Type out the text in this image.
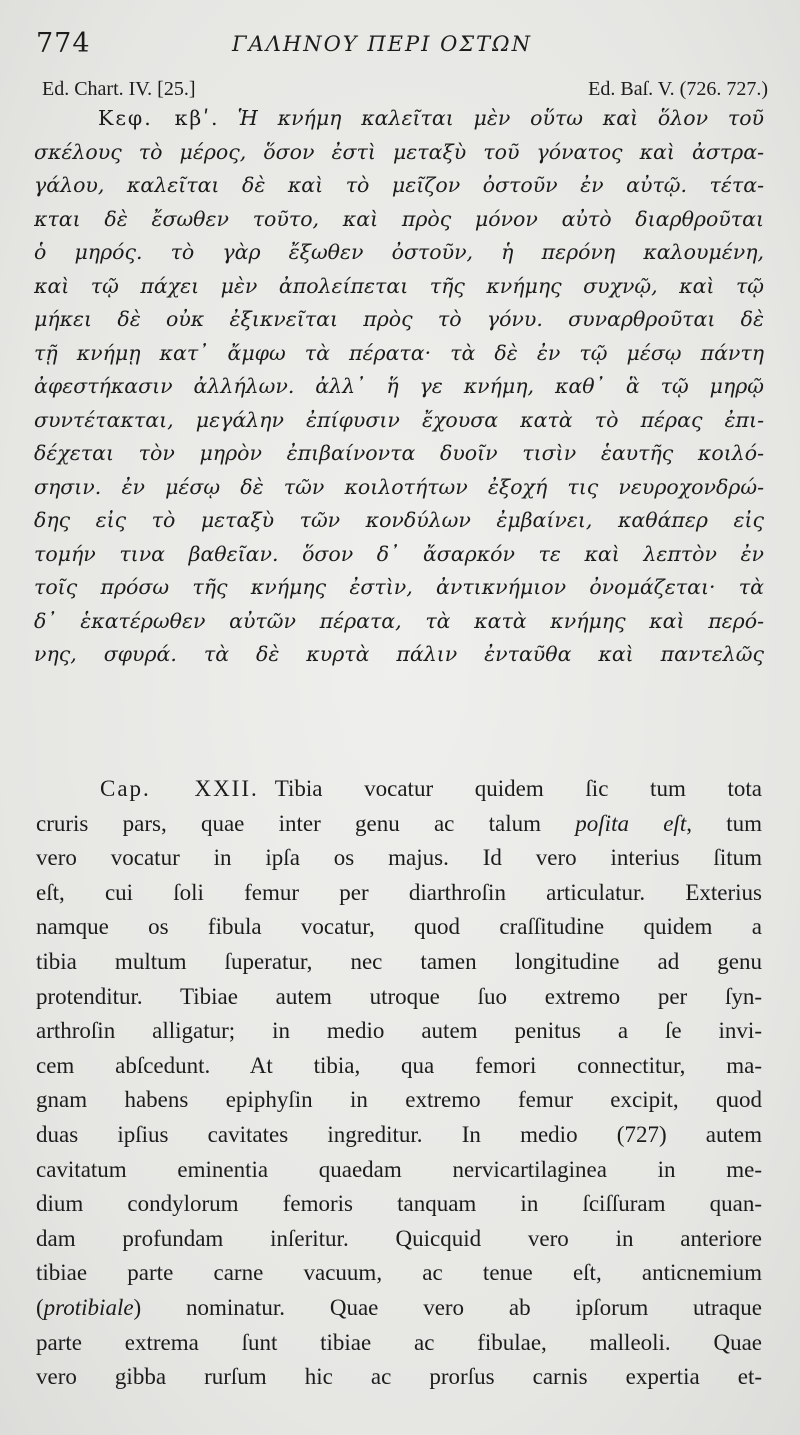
774	ΓΑΛΗΝΟΥ ΠΕΡΙ ΟΣΤΩΝ
Ed. Chart. IV. [25.]	Ed. Baſ. V. (726. 727.)
Κεφ. κβʹ. Ἡ κνήμη καλεῖται μὲν οὕτω καὶ ὅλον τοῦ
σκέλους τὸ μέρος, ὅσον ἐστὶ μεταξὺ τοῦ γόνατος καὶ ἀστρα-
γάλου, καλεῖται δὲ καὶ τὸ μεῖζον ὀστοῦν ἐν αὐτῷ. τέτα-
κται δὲ ἔσωθεν τοῦτο, καὶ πρὸς μόνον αὐτὸ διαρθροῦται
ὁ μηρός. τὸ γὰρ ἔξωθεν ὀστοῦν, ἡ περόνη καλουμένη,
καὶ τῷ πάχει μὲν ἀπολείπεται τῆς κνήμης συχνῷ, καὶ τῷ
μήκει δὲ οὐκ ἐξικνεῖται πρὸς τὸ γόνυ. συναρθροῦται δὲ
τῇ κνήμῃ κατ᾽ ἄμφω τὰ πέρατα· τὰ δὲ ἐν τῷ μέσῳ πάντη
ἀφεστήκασιν ἀλλήλων. ἀλλ᾽ ἥ γε κνήμη, καθ᾽ ἃ τῷ μηρῷ
συντέτακται, μεγάλην ἐπίφυσιν ἔχουσα κατὰ τὸ πέρας ἐπι-
δέχεται τὸν μηρὸν ἐπιβαίνοντα δυοῖν τισὶν ἑαυτῆς κοιλό-
σησιν. ἐν μέσῳ δὲ τῶν κοιλοτήτων ἐξοχή τις νευροχονδρώ-
δης εἰς τὸ μεταξὺ τῶν κονδύλων ἐμβαίνει, καθάπερ εἰς
τομήν τινα βαθεῖαν. ὅσον δ᾽ ἄσαρκόν τε καὶ λεπτὸν ἐν
τοῖς πρόσω τῆς κνήμης ἐστὶν, ἀντικνήμιον ὀνομάζεται· τὰ
δ᾽ ἑκατέρωθεν αὐτῶν πέρατα, τὰ κατὰ κνήμης καὶ περό-
νης, σφυρά. τὰ δὲ κυρτὰ πάλιν ἐνταῦθα καὶ παντελῶς
Cap. XXII. Tibia vocatur quidem ſic tum tota
cruris pars, quae inter genu ac talum poſita eſt, tum
vero vocatur in ipſa os majus. Id vero interius ſitum
eſt, cui ſoli femur per diarthroſin articulatur. Exterius
namque os fibula vocatur, quod craſſitudine quidem a
tibia multum ſuperatur, nec tamen longitudine ad genu
protenditur. Tibiae autem utroque ſuo extremo per ſyn-
arthroſin alligatur; in medio autem penitus a ſe invi-
cem abſcedunt. At tibia, qua femori connectitur, ma-
gnam habens epiphyſin in extremo femur excipit, quod
duas ipſius cavitates ingreditur. In medio (727) autem
cavitatum eminentia quaedam nervicartilaginea in me-
dium condylorum femoris tanquam in ſciſſuram quan-
dam profundam inſeritur. Quicquid vero in anteriore
tibiae parte carne vacuum, ac tenue eſt, anticnemium
(protibiale) nominatur. Quae vero ab ipſorum utraque
parte extrema ſunt tibiae ac fibulae, malleoli. Quae
vero gibba rurſum hic ac prorſus carnis expertia et-
